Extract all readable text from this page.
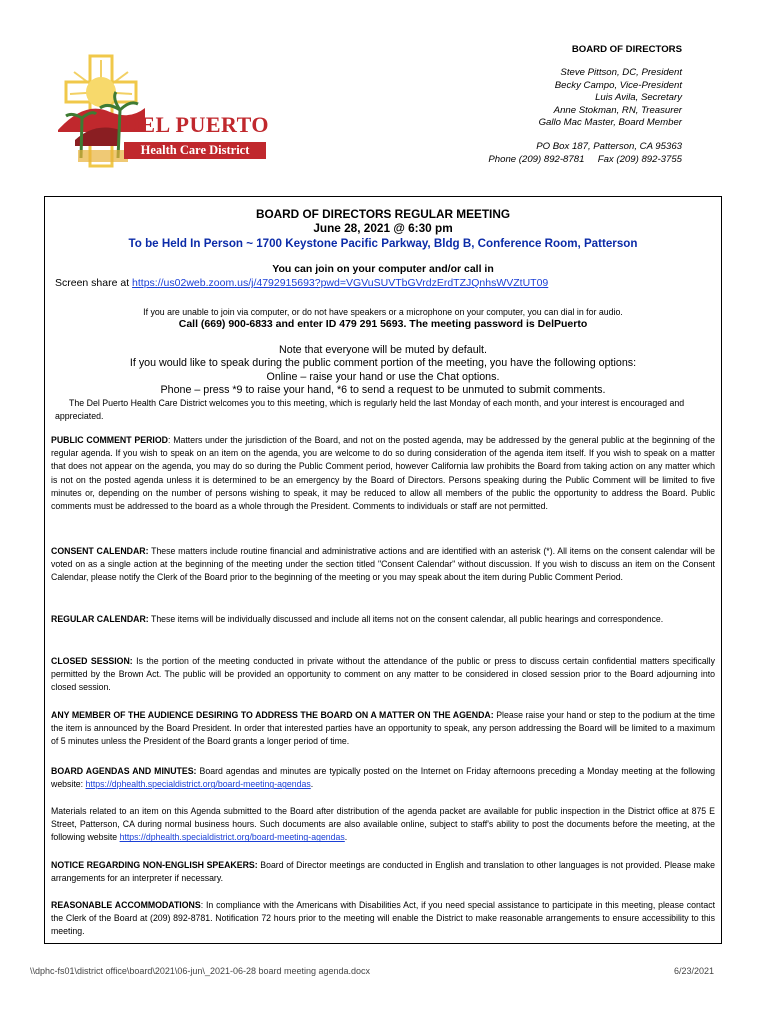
DEL PUERTO
Health Care District
BOARD OF DIRECTORS
Steve Pittson, DC, President
Becky Campo, Vice-President
Luis Avila, Secretary
Anne Stokman, RN, Treasurer
Gallo Mac Master, Board Member
PO Box 187, Patterson, CA 95363
Phone (209) 892-8781 Fax (209) 892-3755
BOARD OF DIRECTORS REGULAR MEETING
June 28, 2021 @ 6:30 pm
To be Held In Person ~ 1700 Keystone Pacific Parkway, Bldg B, Conference Room, Patterson
You can join on your computer and/or call in
Screen share at https://us02web.zoom.us/j/4792915693?pwd=VGVuSUVTbGVrdzErdTZJQnhsWVZtUT09
If you are unable to join via computer, or do not have speakers or a microphone on your computer, you can dial in for audio.
Call (669) 900-6833 and enter ID 479 291 5693. The meeting password is DelPuerto
Note that everyone will be muted by default.
If you would like to speak during the public comment portion of the meeting, you have the following options:
Online – raise your hand or use the Chat options.
Phone – press *9 to raise your hand, *6 to send a request to be unmuted to submit comments.
The Del Puerto Health Care District welcomes you to this meeting, which is regularly held the last Monday of each month, and your interest is encouraged and appreciated.
PUBLIC COMMENT PERIOD: Matters under the jurisdiction of the Board, and not on the posted agenda, may be addressed by the general public at the beginning of the regular agenda. If you wish to speak on an item on the agenda, you are welcome to do so during consideration of the agenda item itself. If you wish to speak on a matter that does not appear on the agenda, you may do so during the Public Comment period, however California law prohibits the Board from taking action on any matter which is not on the posted agenda unless it is determined to be an emergency by the Board of Directors. Persons speaking during the Public Comment will be limited to five minutes or, depending on the number of persons wishing to speak, it may be reduced to allow all members of the public the opportunity to address the Board. Public comments must be addressed to the board as a whole through the President. Comments to individuals or staff are not permitted.
CONSENT CALENDAR: These matters include routine financial and administrative actions and are identified with an asterisk (*). All items on the consent calendar will be voted on as a single action at the beginning of the meeting under the section titled "Consent Calendar" without discussion. If you wish to discuss an item on the Consent Calendar, please notify the Clerk of the Board prior to the beginning of the meeting or you may speak about the item during Public Comment Period.
REGULAR CALENDAR: These items will be individually discussed and include all items not on the consent calendar, all public hearings and correspondence.
CLOSED SESSION: Is the portion of the meeting conducted in private without the attendance of the public or press to discuss certain confidential matters specifically permitted by the Brown Act. The public will be provided an opportunity to comment on any matter to be considered in closed session prior to the Board adjourning into closed session.
ANY MEMBER OF THE AUDIENCE DESIRING TO ADDRESS THE BOARD ON A MATTER ON THE AGENDA: Please raise your hand or step to the podium at the time the item is announced by the Board President. In order that interested parties have an opportunity to speak, any person addressing the Board will be limited to a maximum of 5 minutes unless the President of the Board grants a longer period of time.
BOARD AGENDAS AND MINUTES: Board agendas and minutes are typically posted on the Internet on Friday afternoons preceding a Monday meeting at the following website: https://dphealth.specialdistrict.org/board-meeting-agendas.
Materials related to an item on this Agenda submitted to the Board after distribution of the agenda packet are available for public inspection in the District office at 875 E Street, Patterson, CA during normal business hours. Such documents are also available online, subject to staff's ability to post the documents before the meeting, at the following website https://dphealth.specialdistrict.org/board-meeting-agendas.
NOTICE REGARDING NON-ENGLISH SPEAKERS: Board of Director meetings are conducted in English and translation to other languages is not provided. Please make arrangements for an interpreter if necessary.
REASONABLE ACCOMMODATIONS: In compliance with the Americans with Disabilities Act, if you need special assistance to participate in this meeting, please contact the Clerk of the Board at (209) 892-8781. Notification 72 hours prior to the meeting will enable the District to make reasonable arrangements to ensure accessibility to this meeting.
\\dphc-fs01\district office\board\2021\06-jun\_2021-06-28 board meeting agenda.docx	6/23/2021
